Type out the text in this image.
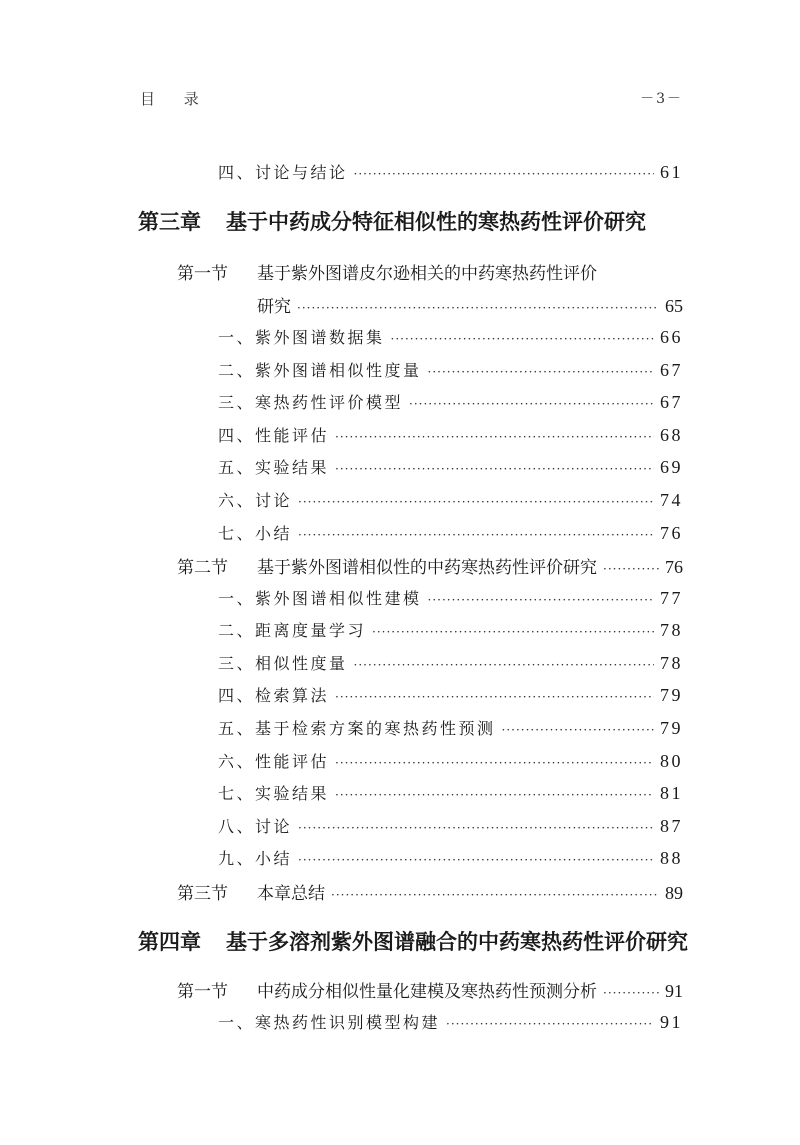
目 录	－3－
四、讨论与结论 ·····	61
第三章 基于中药成分特征相似性的寒热药性评价研究
第一节 基于紫外图谱皮尔逊相关的中药寒热药性评价
研究 ·····	65
一、紫外图谱数据集 ·····	66
二、紫外图谱相似性度量 ·····	67
三、寒热药性评价模型 ·····	67
四、性能评估 ·····	68
五、实验结果 ·····	69
六、讨论 ·····	74
七、小结 ·····	76
第二节 基于紫外图谱相似性的中药寒热药性评价研究 ·····	76
一、紫外图谱相似性建模 ·····	77
二、距离度量学习 ·····	78
三、相似性度量 ·····	78
四、检索算法 ·····	79
五、基于检索方案的寒热药性预测 ·····	79
六、性能评估 ·····	80
七、实验结果 ·····	81
八、讨论 ·····	87
九、小结 ·····	88
第三节 本章总结 ·····	89
第四章 基于多溶剂紫外图谱融合的中药寒热药性评价研究
第一节 中药成分相似性量化建模及寒热药性预测分析 ·····	91
一、寒热药性识别模型构建 ·····	91
